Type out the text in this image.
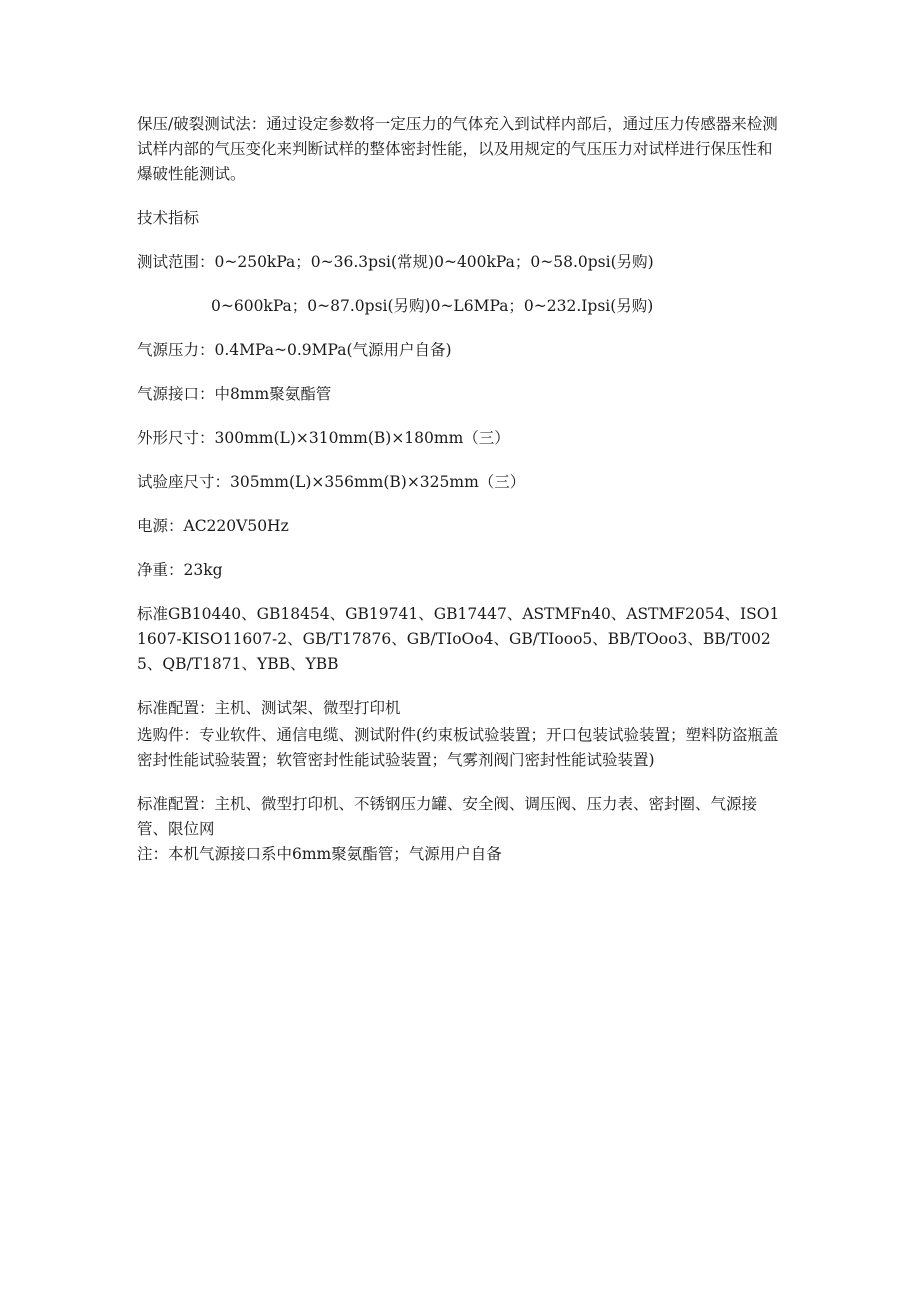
保压/破裂测试法：通过设定参数将一定压力的气体充入到试样内部后，通过压力传感器来检测试样内部的气压变化来判断试样的整体密封性能，以及用规定的气压压力对试样进行保压性和爆破性能测试。

技术指标

测试范围：0~250kPa；0~36.3psi(常规)0~400kPa；0~58.0psi(另购)

0~600kPa；0~87.0psi(另购)0~L6MPa；0~232.Ipsi(另购)

气源压力：0.4MPa~0.9MPa(气源用户自备)

气源接口：中8mm聚氨酯管

外形尺寸：300mm(L)×310mm(B)×180mm（三）

试验座尺寸：305mm(L)×356mm(B)×325mm（三）

电源：AC220V50Hz

净重：23kg

标准GB10440、GB18454、GB19741、GB17447、ASTMFn40、ASTMF2054、ISO11607-KISO11607-2、GB/T17876、GB/TIoOo4、GB/TIooo5、BB/TOoo3、BB/T0025、QB/T1871、YBB、YBB

标准配置：主机、测试架、微型打印机

选购件：专业软件、通信电缆、测试附件(约束板试验装置；开口包装试验装置；塑料防盗瓶盖密封性能试验装置；软管密封性能试验装置；气雾剂阀门密封性能试验装置)

标准配置：主机、微型打印机、不锈钢压力罐、安全阀、调压阀、压力表、密封圈、气源接管、限位网

注：本机气源接口系中6mm聚氨酯管；气源用户自备
